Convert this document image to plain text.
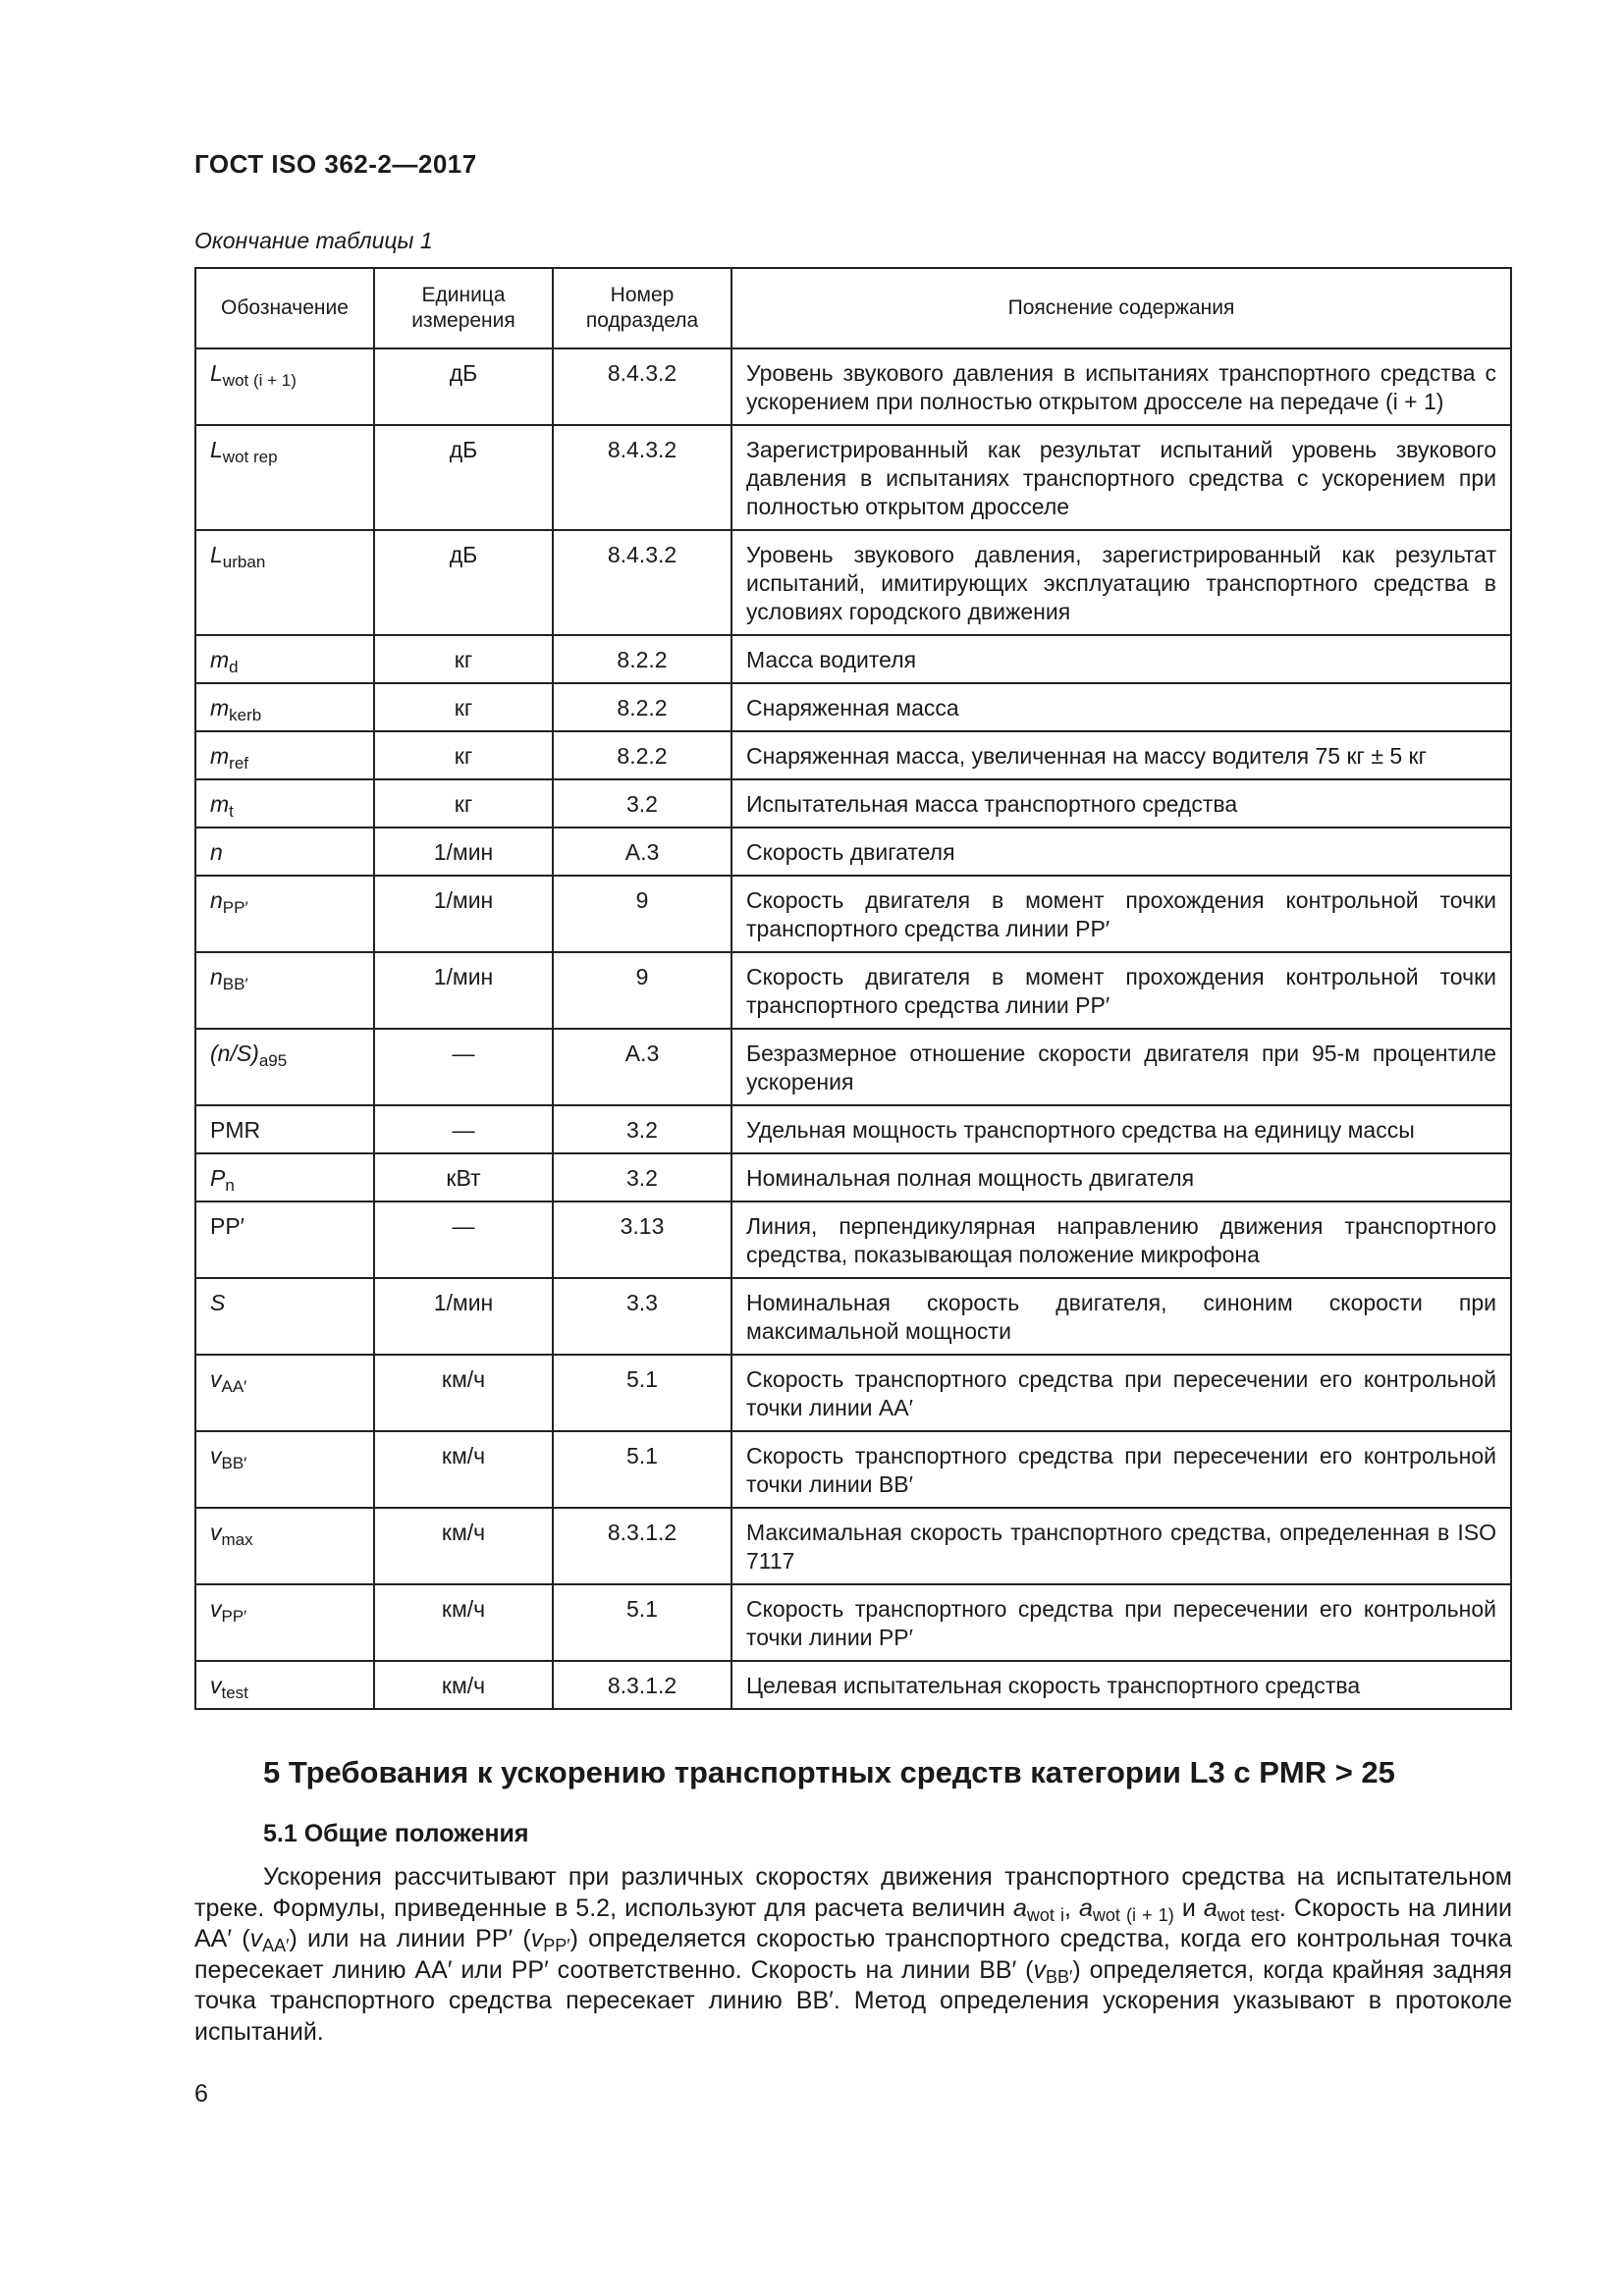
ГОСТ ISO 362-2—2017
Окончание таблицы 1
Обозначение	Единица измерения	Номер подраздела	Пояснение содержания
$L_{wot (i + 1)}$	дБ	8.4.3.2	Уровень звукового давления в испытаниях транспортного средства с ускорением при полностью открытом дросселе на передаче (i + 1)
$L_{wot rep}$	дБ	8.4.3.2	Зарегистрированный как результат испытаний уровень звукового давления в испытаниях транспортного средства с ускорением при полностью открытом дросселе
$L_{urban}$	дБ	8.4.3.2	Уровень звукового давления, зарегистрированный как результат испытаний, имитирующих эксплуатацию транспортного средства в условиях городского движения
$m_d$	кг	8.2.2	Масса водителя
$m_{kerb}$	кг	8.2.2	Снаряженная масса
$m_{ref}$	кг	8.2.2	Снаряженная масса, увеличенная на массу водителя 75 кг ± 5 кг
$m_t$	кг	3.2	Испытательная масса транспортного средства
n	1/мин	А.3	Скорость двигателя
$n_{PP'}$	1/мин	9	Скорость двигателя в момент прохождения контрольной точки транспортного средства линии PP′
$n_{BB'}$	1/мин	9	Скорость двигателя в момент прохождения контрольной точки транспортного средства линии PP′
$(n/S)_{a95}$	—	А.3	Безразмерное отношение скорости двигателя при 95-м процентиле ускорения
PMR	—	3.2	Удельная мощность транспортного средства на единицу массы
$P_n$	кВт	3.2	Номинальная полная мощность двигателя
PP′	—	3.13	Линия, перпендикулярная направлению движения транспортного средства, показывающая положение микрофона
S	1/мин	3.3	Номинальная скорость двигателя, синоним скорости при максимальной мощности
$v_{AA'}$	км/ч	5.1	Скорость транспортного средства при пересечении его контрольной точки линии АА′
$v_{BB'}$	км/ч	5.1	Скорость транспортного средства при пересечении его контрольной точки линии ВВ′
$v_{max}$	км/ч	8.3.1.2	Максимальная скорость транспортного средства, определенная в ISO 7117
$v_{PP'}$	км/ч	5.1	Скорость транспортного средства при пересечении его контрольной точки линии PP′
$v_{test}$	км/ч	8.3.1.2	Целевая испытательная скорость транспортного средства
5 Требования к ускорению транспортных средств категории L3 с PMR > 25
5.1 Общие положения
Ускорения рассчитывают при различных скоростях движения транспортного средства на испытательном треке. Формулы, приведенные в 5.2, используют для расчета величин $a_{wot i}$, $a_{wot (i + 1)}$ и $a_{wot test}$. Скорость на линии АА′ $(v_{AA'})$ или на линии PP′ $(v_{PP'})$ определяется скоростью транспортного средства, когда его контрольная точка пересекает линию АА′ или PP′ соответственно. Скорость на линии ВВ′ $(v_{BB'})$ определяется, когда крайняя задняя точка транспортного средства пересекает линию ВВ′. Метод определения ускорения указывают в протоколе испытаний.
6
